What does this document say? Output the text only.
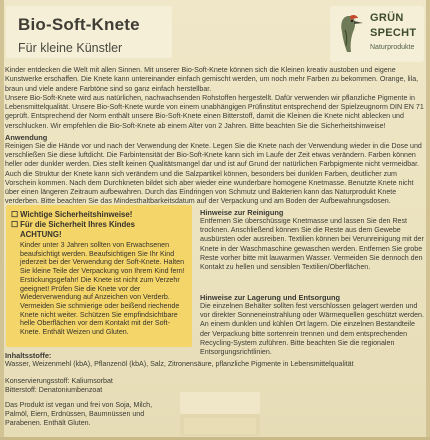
Bio-Soft-Knete
Für kleine Künstler
GRÜN
SPECHT
Naturprodukte

Kinder entdecken die Welt mit allen Sinnen. Mit unserer Bio-Soft-Knete können sich die Kleinen kreativ austoben und eigene Kunstwerke erschaffen. Die Knete kann untereinander einfach gemischt werden, um noch mehr Farben zu bekommen. Orange, lila, braun und viele andere Farbtöne sind so ganz einfach herstellbar.

Unsere Bio-Soft-Knete wird aus natürlichen, nachwachsenden Rohstoffen hergestellt. Dafür verwenden wir pflanzliche Pigmente in Lebensmittelqualität. Unsere Bio-Soft-Knete wurde von einem unabhängigen Prüfinstitut entsprechend der Spielzeugnorm DIN EN 71 geprüft. Entsprechend der Norm enthält unsere Bio-Soft-Knete einen Bitterstoff, damit die Kleinen die Knete nicht ablecken und verschlucken. Wir empfehlen die Bio-Soft-Knete ab einem Alter von 2 Jahren. Bitte beachten Sie die Sicherheitshinweise!

Anwendung
Reinigen Sie die Hände vor und nach der Verwendung der Knete. Legen Sie die Knete nach der Verwendung wieder in die Dose und verschließen Sie diese luftdicht. Die Farbintensität der Bio-Soft-Knete kann sich im Laufe der Zeit etwas verändern. Farben können heller oder dunkler werden. Dies stellt keinen Qualitätsmangel dar und ist auf Grund der natürlichen Farbpigmente nicht vermeidbar. Auch die Struktur der Knete kann sich verändern und die Salzpartikel können, besonders bei dunklen Farben, deutlicher zum Vorschein kommen. Nach dem Durchkneten bildet sich aber wieder eine wunderbare homogene Knetmasse. Benutzte Knete nicht über einen längeren Zeitraum aufbewahren. Durch das Eindringen von Schmutz und Bakterien kann das Naturprodukt Knete verderben. Bitte beachten Sie das Mindesthaltbarkeitsdatum auf der Verpackung und am Boden der Aufbewahrungsdosen.
☐ Wichtige Sicherheitshinweise!
☐ Für die Sicherheit Ihres Kindes
ACHTUNG!
Kinder unter 3 Jahren sollten von Erwachsenen beaufsichtigt werden. Beaufsichtigen Sie Ihr Kind jederzeit bei der Verwendung der Soft-Knete. Halten Sie kleine Teile der Verpackung von Ihrem Kind fern! Erstickungsgefahr! Die Knete ist nicht zum Verzehr geeignet! Prüfen Sie die Knete vor der Wiederverwendung auf Anzeichen von Verderb. Vermeiden Sie schmierige oder beißend riechende Knete nicht weiter. Schützen Sie empfindsichtbare helle Oberflächen vor dem Kontakt mit der Soft-Knete. Enthält Weizen und Gluten.
Hinweise zur Reinigung
Entfernen Sie überschüssige Knetmasse und lassen Sie den Rest trocknen. Anschließend können Sie die Reste aus dem Gewebe ausbürsten oder ausreiben. Textilien können bei Verunreinigung mit der Knete in der Waschmaschine gewaschen werden. Entfernen Sie grobe Reste vorher bitte mit lauwarmen Wasser. Vermeiden Sie dennoch den Kontakt zu hellen und sensiblen Textilien/Oberflächen.
Hinweise zur Lagerung und Entsorgung
Die einzelnen Behälter sollten fest verschlossen gelagert werden und vor direkter Sonneneinstrahlung oder Wärmequellen geschützt werden. An einem dunklen und kühlen Ort lagern. Die einzelnen Bestandteile der Verpackung bitte sortenrein trennen und dem entsprechenden Recycling-System zuführen. Bitte beachten Sie die regionalen Entsorgungsrichtlinien.
Inhaltsstoffe:
Wasser, Weizenmehl (kbA), Pflanzenöl (kbA), Salz, Zitronensäure, pflanzliche Pigmente in Lebensmittelqualität
Konservierungsstoff: Kaliumsorbat
Bitterstoff: Denatoniumbenzoat
Das Produkt ist vegan und frei von Soja, Milch, Palmöl, Eiern, Erdnüssen, Baumnüssen und Parabenen. Enthält Gluten.
